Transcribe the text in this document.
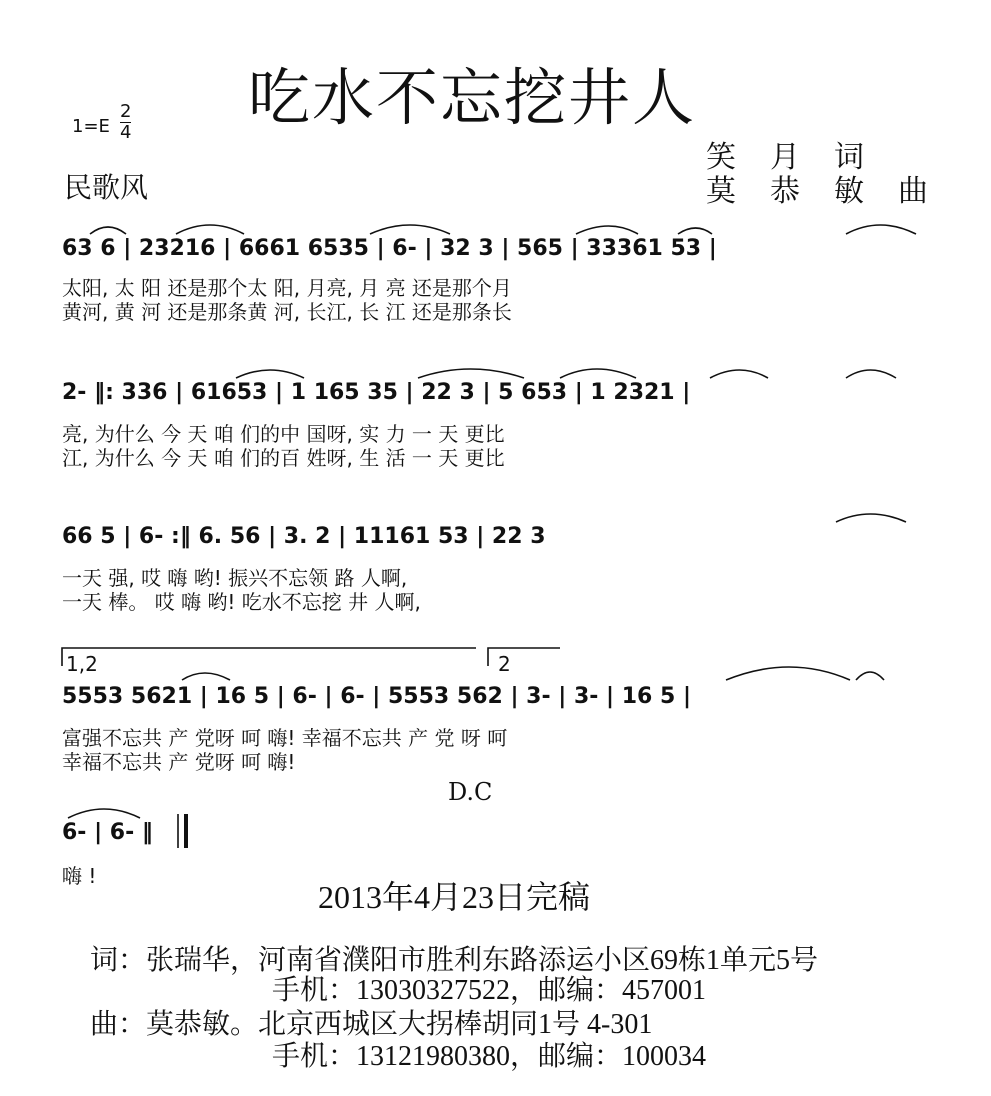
吃水不忘挖井人
1=E
2
4
民歌风
笑月词
莫恭敏曲
63 6 | 23216 | 6661 6535 | 6- | 32 3 | 565 | 33361 53 |
太阳, 太 阳 还是那个太 阳, 月亮, 月 亮 还是那个月
黄河, 黄 河 还是那条黄 河, 长江, 长 江 还是那条长
2- ‖: 336 | 61653 | 1 165 35 | 22 3 | 5 653 | 1 2321 |
亮, 为什么 今 天 咱 们的中 国呀, 实 力 一 天 更比
江, 为什么 今 天 咱 们的百 姓呀, 生 活 一 天 更比
66 5 | 6- :‖ 6. 56 | 3. 2 | 11161 53 | 22 3
一天 强, 哎 嗨 哟! 振兴不忘领 路 人啊,
一天 棒。 哎 嗨 哟! 吃水不忘挖 井 人啊,
1,2	2
5553 5621 | 16 5 | 6- | 6- | 5553 562 | 3- | 3- | 16 5 |
富强不忘共 产 党呀 呵 嗨! 幸福不忘共 产 党 呀 呵
幸福不忘共 产 党呀 呵 嗨!
D.C
6- | 6- ‖
嗨 !
2013年4月23日完稿
词：张瑞华，河南省濮阳市胜利东路添运小区69栋1单元5号
手机：13030327522，邮编：457001
曲：莫恭敏。北京西城区大拐棒胡同1号 4-301
手机：13121980380，邮编：100034
